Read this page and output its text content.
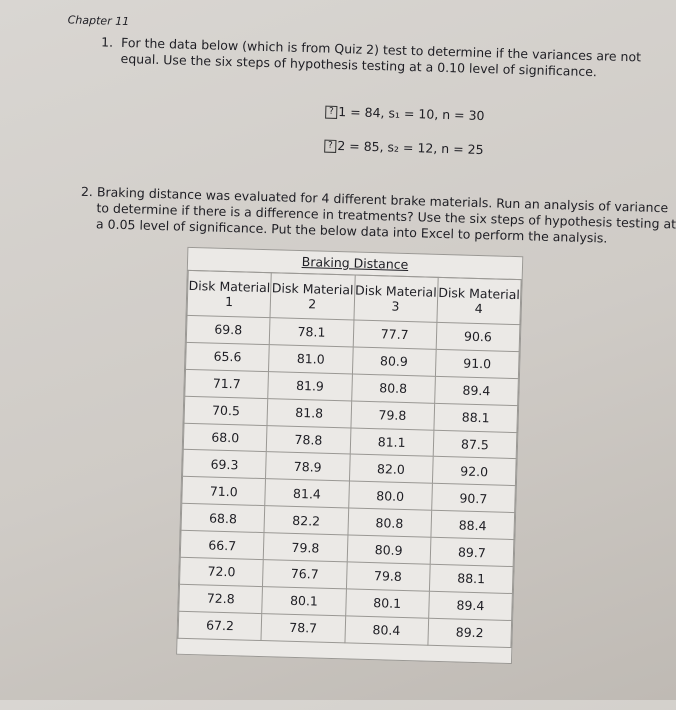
Chapter 11
1. For the data below (which is from Quiz 2) test to determine if the variances are not equal. Use the six steps of hypothesis testing at a 0.10 level of significance.
? 1 = 84, s₁ = 10, n = 30
? 2 = 85, s₂ = 12, n = 25
2. Braking distance was evaluated for 4 different brake materials. Run an analysis of variance to determine if there is a difference in treatments? Use the six steps of hypothesis testing at a 0.05 level of significance. Put the below data into Excel to perform the analysis.
Braking Distance
Disk Material 1	Disk Material 2	Disk Material 3	Disk Material 4
69.8	78.1	77.7	90.6
65.6	81.0	80.9	91.0
71.7	81.9	80.8	89.4
70.5	81.8	79.8	88.1
68.0	78.8	81.1	87.5
69.3	78.9	82.0	92.0
71.0	81.4	80.0	90.7
68.8	82.2	80.8	88.4
66.7	79.8	80.9	89.7
72.0	76.7	79.8	88.1
72.8	80.1	80.1	89.4
67.2	78.7	80.4	89.2
